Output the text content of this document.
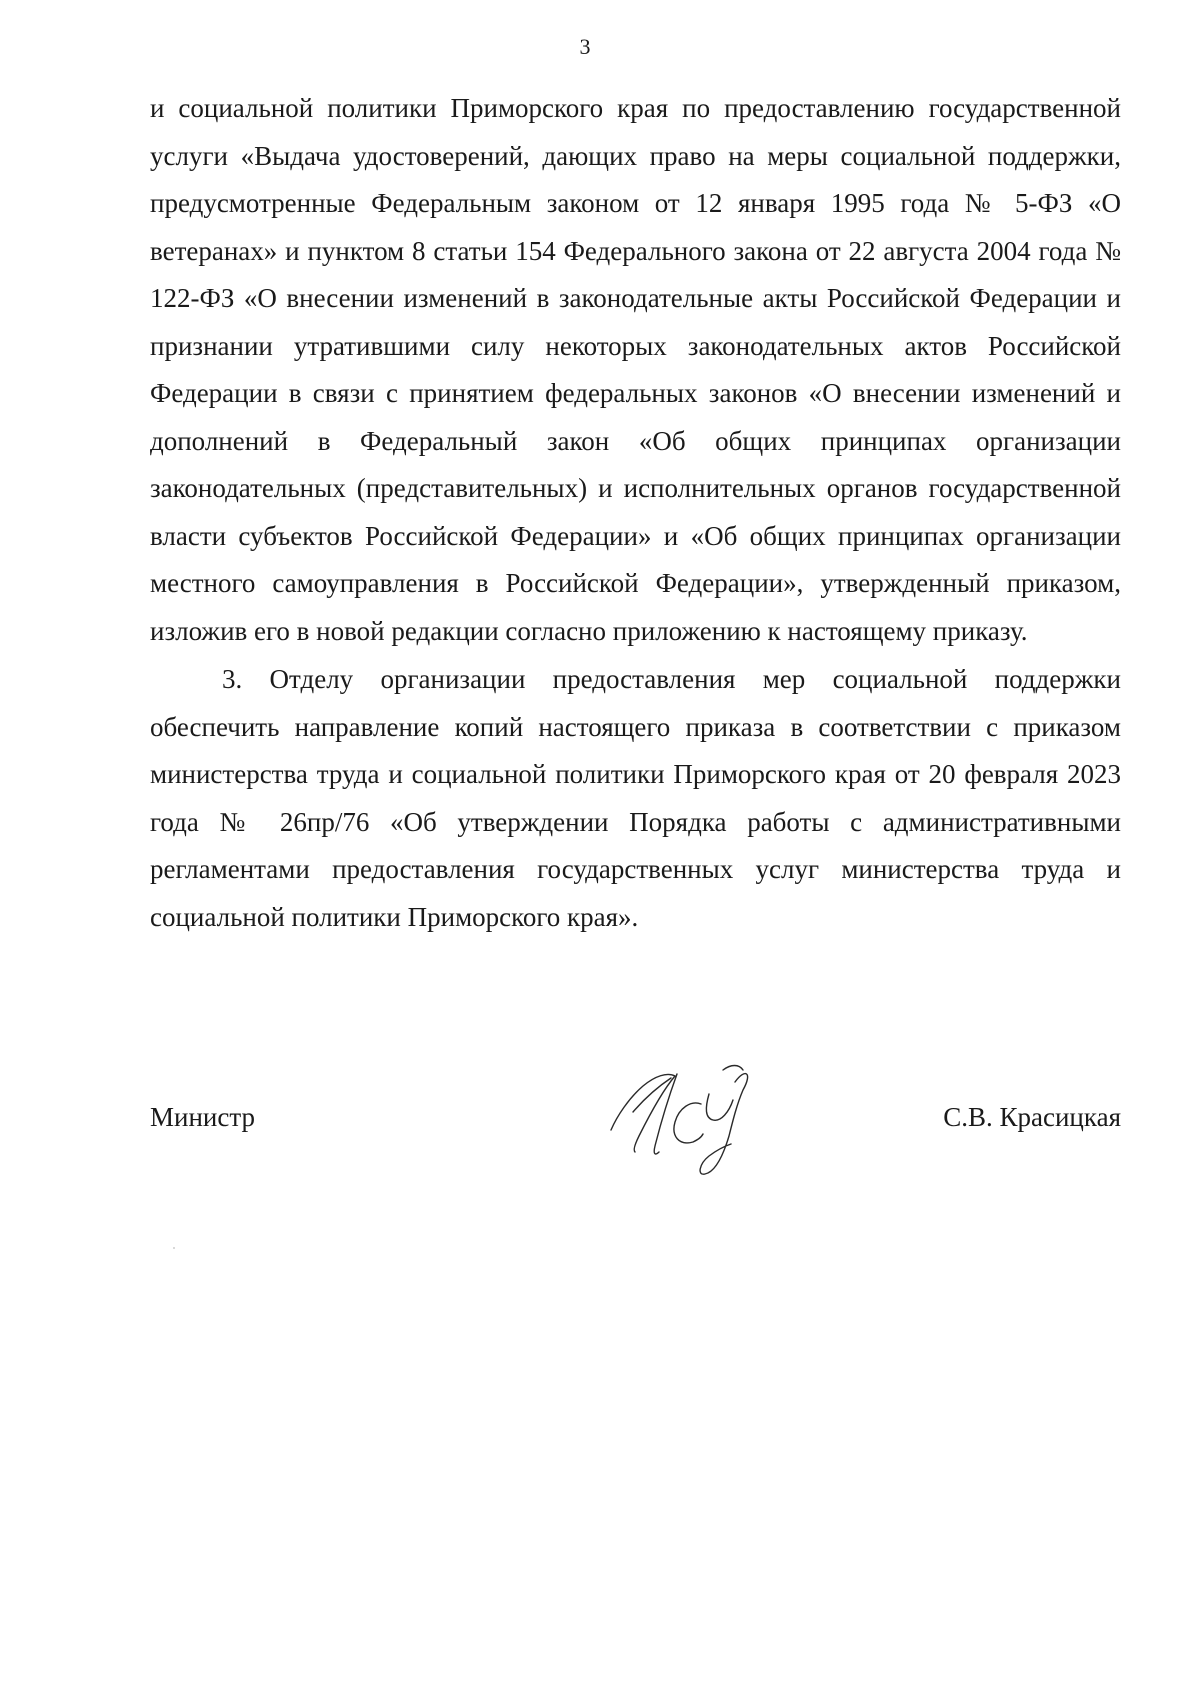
3

и социальной политики Приморского края по предоставлению государственной услуги «Выдача удостоверений, дающих право на меры социальной поддержки, предусмотренные Федеральным законом от 12 января 1995 года № 5-ФЗ «О ветеранах» и пунктом 8 статьи 154 Федерального закона от 22 августа 2004 года № 122-ФЗ «О внесении изменений в законодательные акты Российской Федерации и признании утратившими силу некоторых законодательных актов Российской Федерации в связи с принятием федеральных законов «О внесении изменений и дополнений в Федеральный закон «Об общих принципах организации законодательных (представительных) и исполнительных органов государственной власти субъектов Российской Федерации» и «Об общих принципах организации местного самоуправления в Российской Федерации», утвержденный приказом, изложив его в новой редакции согласно приложению к настоящему приказу.

3. Отделу организации предоставления мер социальной поддержки обеспечить направление копий настоящего приказа в соответствии с приказом министерства труда и социальной политики Приморского края от 20 февраля 2023 года № 26пр/76 «Об утверждении Порядка работы с административными регламентами предоставления государственных услуг министерства труда и социальной политики Приморского края».

Министр	С.В. Красицкая
